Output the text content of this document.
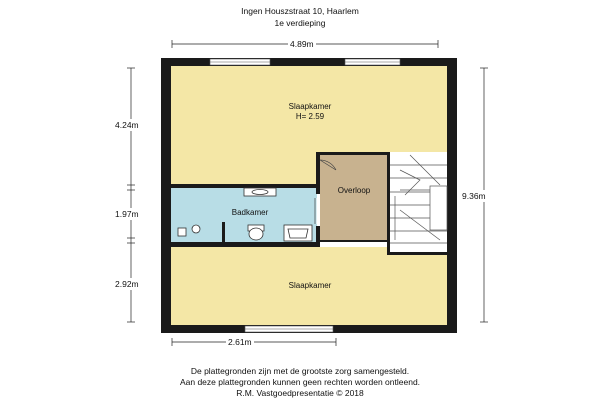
Ingen Houszstraat 10, Haarlem
1e verdieping
4.89m
2.61m
9.36m
4.24m
1.97m
2.92m
Slaapkamer
H= 2.59
Badkamer
Overloop
Slaapkamer
De plattegronden zijn met de grootste zorg samengesteld.
Aan deze plattegronden kunnen geen rechten worden ontleend.
R.M. Vastgoedpresentatie © 2018
